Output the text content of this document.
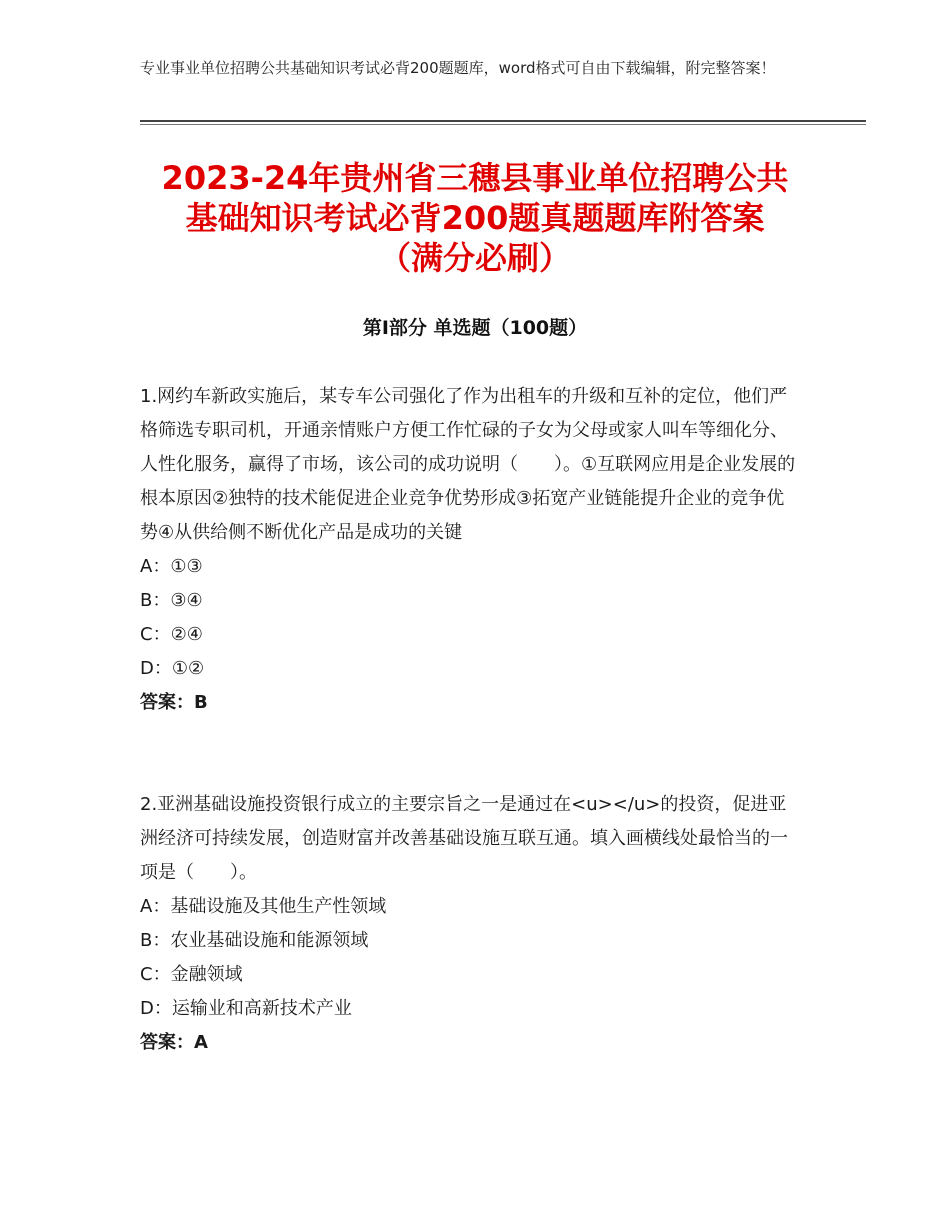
专业事业单位招聘公共基础知识考试必背200题题库，word格式可自由下载编辑，附完整答案！
2023-24年贵州省三穗县事业单位招聘公共
基础知识考试必背200题真题题库附答案
（满分必刷）
第Ⅰ部分 单选题（100题）

1.网约车新政实施后，某专车公司强化了作为出租车的升级和互补的定位，他们严格筛选专职司机，开通亲情账户方便工作忙碌的子女为父母或家人叫车等细化分、人性化服务，赢得了市场，该公司的成功说明（　　）。①互联网应用是企业发展的根本原因②独特的技术能促进企业竞争优势形成③拓宽产业链能提升企业的竞争优势④从供给侧不断优化产品是成功的关键

A：①③

B：③④

C：②④

D：①②

答案：B

2.亚洲基础设施投资银行成立的主要宗旨之一是通过在<u></u>的投资，促进亚洲经济可持续发展，创造财富并改善基础设施互联互通。填入画横线处最恰当的一项是（　　）。

A：基础设施及其他生产性领域

B：农业基础设施和能源领域

C：金融领域

D：运输业和高新技术产业

答案：A
